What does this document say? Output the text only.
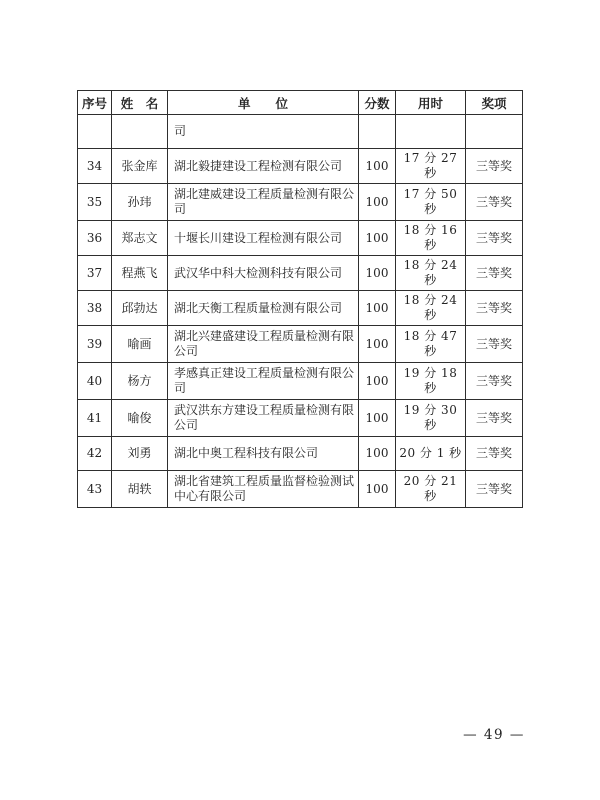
序号	姓　名	单　　位	分数	用时	奖项
		司			
34	张金库	湖北毅捷建设工程检测有限公司	100	17 分 27 秒	三等奖
35	孙玮	湖北建威建设工程质量检测有限公司	100	17 分 50 秒	三等奖
36	郑志文	十堰长川建设工程检测有限公司	100	18 分 16 秒	三等奖
37	程燕飞	武汉华中科大检测科技有限公司	100	18 分 24 秒	三等奖
38	邱勃达	湖北天衡工程质量检测有限公司	100	18 分 24 秒	三等奖
39	喻画	湖北兴建盛建设工程质量检测有限公司	100	18 分 47 秒	三等奖
40	杨方	孝感真正建设工程质量检测有限公司	100	19 分 18 秒	三等奖
41	喻俊	武汉洪东方建设工程质量检测有限公司	100	19 分 30 秒	三等奖
42	刘勇	湖北中奥工程科技有限公司	100	20 分 1 秒	三等奖
43	胡轶	湖北省建筑工程质量监督检验测试中心有限公司	100	20 分 21 秒	三等奖
— 49 —
